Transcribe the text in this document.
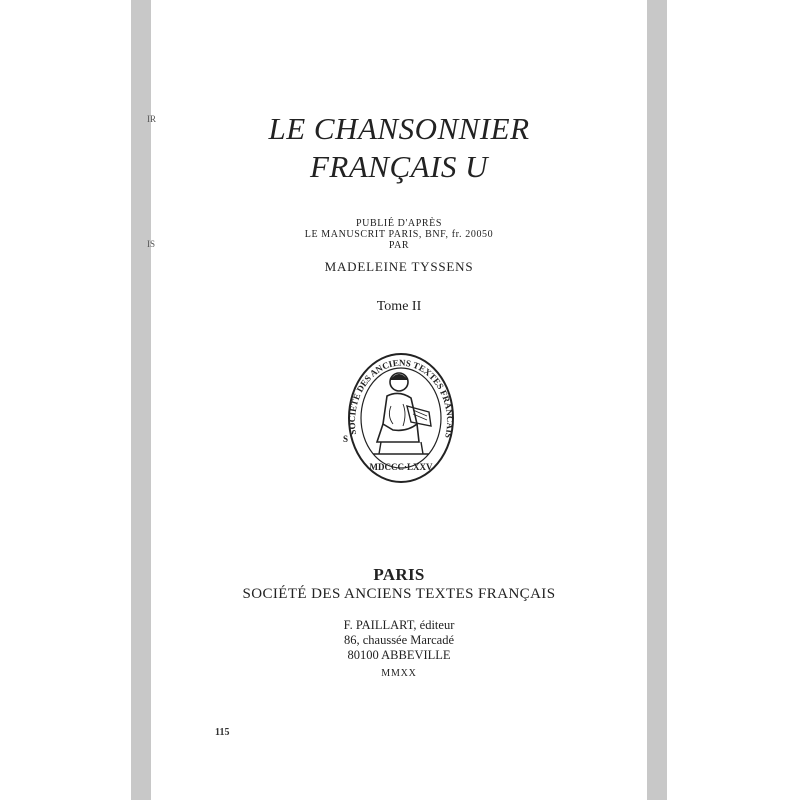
IR
IS
LE CHANSONNIER
FRANÇAIS U
PUBLIÉ D'APRÈS
LE MANUSCRIT PARIS, BNF, fr. 20050
PAR
MADELEINE TYSSENS
Tome II
SOCIETE DES ANCIENS TEXTES FRANCAIS
MDCCC·LXXV
S
PARIS
SOCIÉTÉ DES ANCIENS TEXTES FRANÇAIS
F. PAILLART, éditeur
86, chaussée Marcadé
80100 ABBEVILLE
MMXX
115
